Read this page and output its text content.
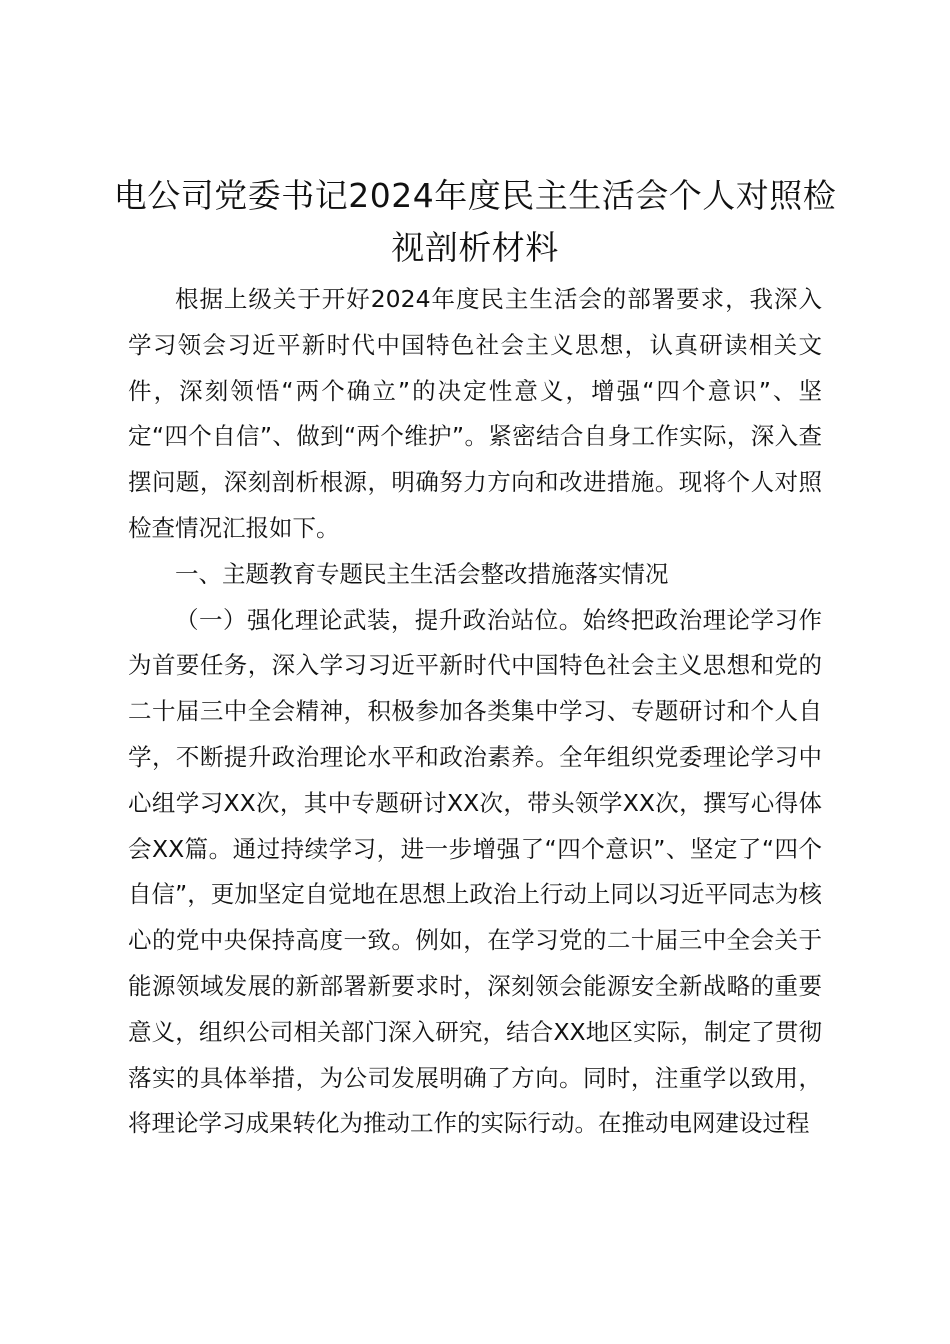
电公司党委书记2024年度民主生活会个人对照检视剖析材料

根据上级关于开好2024年度民主生活会的部署要求，我深入学习领会习近平新时代中国特色社会主义思想，认真研读相关文件，深刻领悟“两个确立”的决定性意义，增强“四个意识”、坚定“四个自信”、做到“两个维护”。紧密结合自身工作实际，深入查摆问题，深刻剖析根源，明确努力方向和改进措施。现将个人对照检查情况汇报如下。

一、主题教育专题民主生活会整改措施落实情况

（一）强化理论武装，提升政治站位。始终把政治理论学习作为首要任务，深入学习习近平新时代中国特色社会主义思想和党的二十届三中全会精神，积极参加各类集中学习、专题研讨和个人自学，不断提升政治理论水平和政治素养。全年组织党委理论学习中心组学习XX次，其中专题研讨XX次，带头领学XX次，撰写心得体会XX篇。通过持续学习，进一步增强了“四个意识”、坚定了“四个自信”，更加坚定自觉地在思想上政治上行动上同以习近平同志为核心的党中央保持高度一致。例如，在学习党的二十届三中全会关于能源领域发展的新部署新要求时，深刻领会能源安全新战略的重要意义，组织公司相关部门深入研究，结合XX地区实际，制定了贯彻落实的具体举措，为公司发展明确了方向。同时，注重学以致用，将理论学习成果转化为推动工作的实际行动。在推动电网建设过程
